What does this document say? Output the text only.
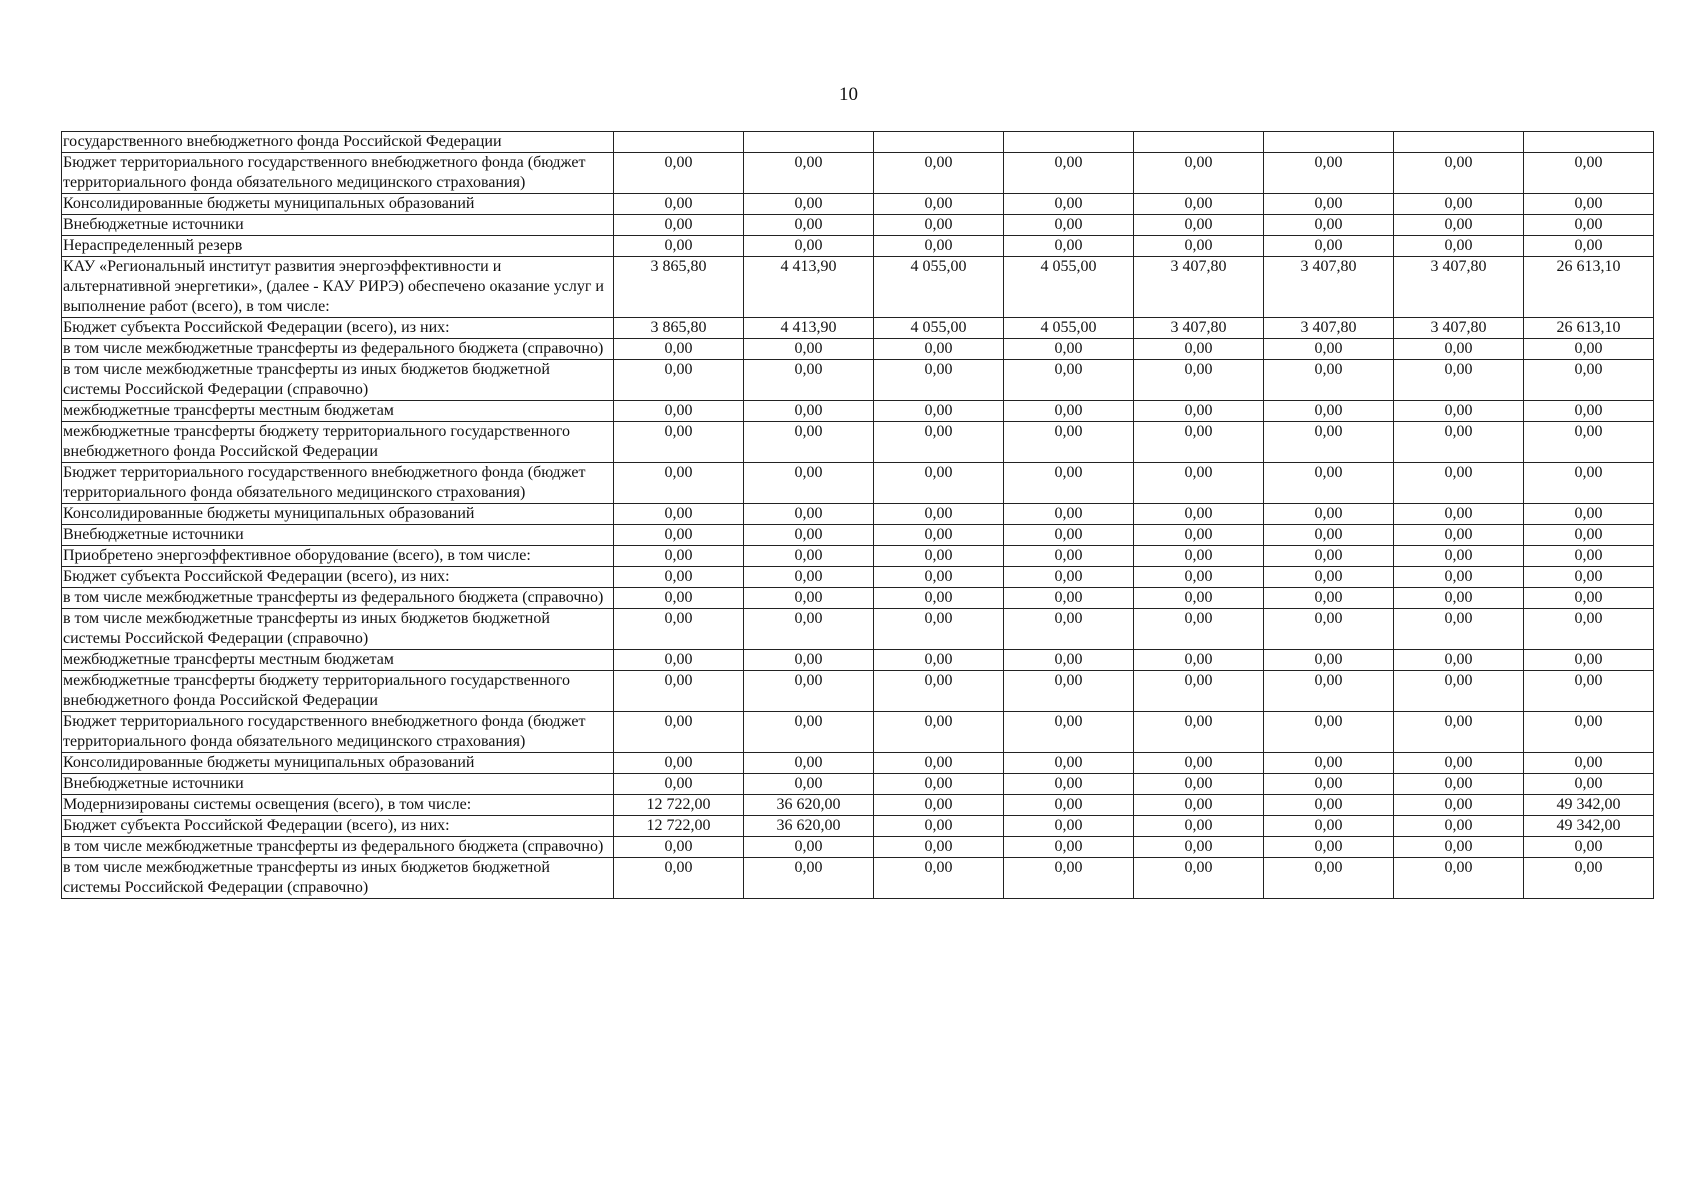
10
государственного внебюджетного фонда Российской Федерации								
Бюджет территориального государственного внебюджетного фонда (бюджет территориального фонда обязательного медицинского страхования)	0,00	0,00	0,00	0,00	0,00	0,00	0,00	0,00
Консолидированные бюджеты муниципальных образований	0,00	0,00	0,00	0,00	0,00	0,00	0,00	0,00
Внебюджетные источники	0,00	0,00	0,00	0,00	0,00	0,00	0,00	0,00
Нераспределенный резерв	0,00	0,00	0,00	0,00	0,00	0,00	0,00	0,00
КАУ «Региональный институт развития энергоэффективности и альтернативной энергетики», (далее - КАУ РИРЭ) обеспечено оказание услуг и выполнение работ (всего), в том числе:	3 865,80	4 413,90	4 055,00	4 055,00	3 407,80	3 407,80	3 407,80	26 613,10
Бюджет субъекта Российской Федерации (всего), из них:	3 865,80	4 413,90	4 055,00	4 055,00	3 407,80	3 407,80	3 407,80	26 613,10
в том числе межбюджетные трансферты из федерального бюджета (справочно)	0,00	0,00	0,00	0,00	0,00	0,00	0,00	0,00
в том числе межбюджетные трансферты из иных бюджетов бюджетной системы Российской Федерации (справочно)	0,00	0,00	0,00	0,00	0,00	0,00	0,00	0,00
межбюджетные трансферты местным бюджетам	0,00	0,00	0,00	0,00	0,00	0,00	0,00	0,00
межбюджетные трансферты бюджету территориального государственного внебюджетного фонда Российской Федерации	0,00	0,00	0,00	0,00	0,00	0,00	0,00	0,00
Бюджет территориального государственного внебюджетного фонда (бюджет территориального фонда обязательного медицинского страхования)	0,00	0,00	0,00	0,00	0,00	0,00	0,00	0,00
Консолидированные бюджеты муниципальных образований	0,00	0,00	0,00	0,00	0,00	0,00	0,00	0,00
Внебюджетные источники	0,00	0,00	0,00	0,00	0,00	0,00	0,00	0,00
Приобретено энергоэффективное оборудование (всего), в том числе:	0,00	0,00	0,00	0,00	0,00	0,00	0,00	0,00
Бюджет субъекта Российской Федерации (всего), из них:	0,00	0,00	0,00	0,00	0,00	0,00	0,00	0,00
в том числе межбюджетные трансферты из федерального бюджета (справочно)	0,00	0,00	0,00	0,00	0,00	0,00	0,00	0,00
в том числе межбюджетные трансферты из иных бюджетов бюджетной системы Российской Федерации (справочно)	0,00	0,00	0,00	0,00	0,00	0,00	0,00	0,00
межбюджетные трансферты местным бюджетам	0,00	0,00	0,00	0,00	0,00	0,00	0,00	0,00
межбюджетные трансферты бюджету территориального государственного внебюджетного фонда Российской Федерации	0,00	0,00	0,00	0,00	0,00	0,00	0,00	0,00
Бюджет территориального государственного внебюджетного фонда (бюджет территориального фонда обязательного медицинского страхования)	0,00	0,00	0,00	0,00	0,00	0,00	0,00	0,00
Консолидированные бюджеты муниципальных образований	0,00	0,00	0,00	0,00	0,00	0,00	0,00	0,00
Внебюджетные источники	0,00	0,00	0,00	0,00	0,00	0,00	0,00	0,00
Модернизированы системы освещения (всего), в том числе:	12 722,00	36 620,00	0,00	0,00	0,00	0,00	0,00	49 342,00
Бюджет субъекта Российской Федерации (всего), из них:	12 722,00	36 620,00	0,00	0,00	0,00	0,00	0,00	49 342,00
в том числе межбюджетные трансферты из федерального бюджета (справочно)	0,00	0,00	0,00	0,00	0,00	0,00	0,00	0,00
в том числе межбюджетные трансферты из иных бюджетов бюджетной системы Российской Федерации (справочно)	0,00	0,00	0,00	0,00	0,00	0,00	0,00	0,00
